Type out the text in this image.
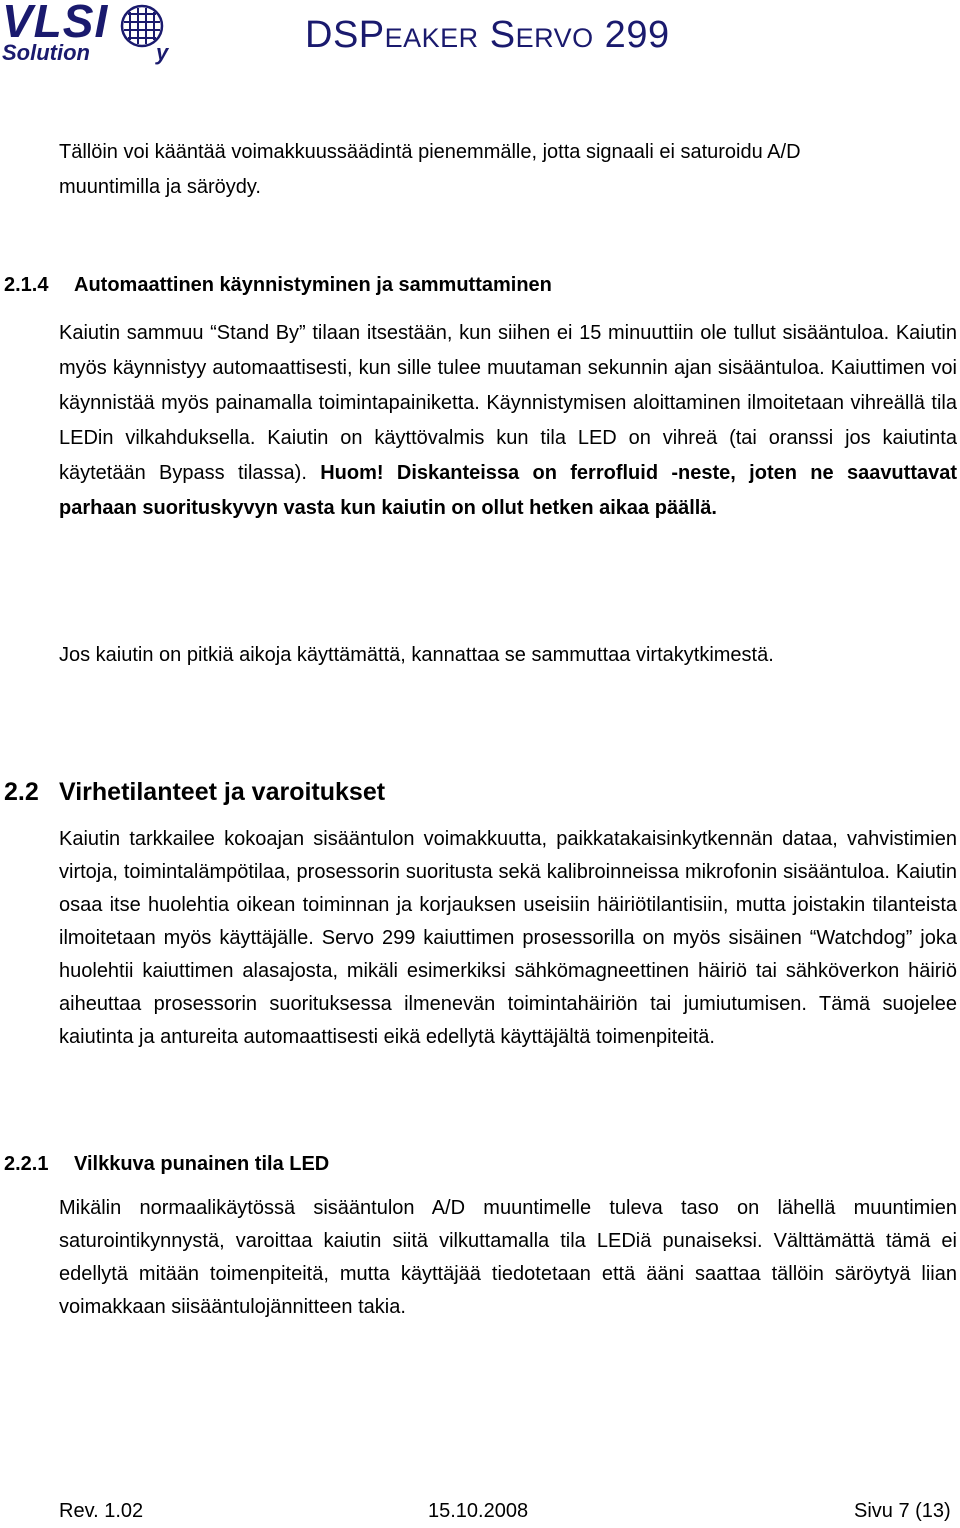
VLSI
Solution	y	DSPEAKER SERVO 299
Tällöin voi kääntää voimakkuussäädintä pienemmälle, jotta signaali ei saturoidu A/D
muuntimilla ja säröydy.
2.1.4 Automaattinen käynnistyminen ja sammuttaminen
Kaiutin sammuu “Stand By” tilaan itsestään, kun siihen ei 15 minuuttiin ole tullut sisääntuloa. Kaiutin myös käynnistyy automaattisesti, kun sille tulee muutaman sekunnin ajan sisääntuloa. Kaiuttimen voi käynnistää myös painamalla toimintapainiketta. Käynnistymisen aloittaminen ilmoitetaan vihreällä tila LEDin vilkahduksella. Kaiutin on käyttövalmis kun tila LED on vihreä (tai oranssi jos kaiutinta käytetään Bypass tilassa). Huom! Diskanteissa on ferrofluid -neste, joten ne saavuttavat parhaan suorituskyvyn vasta kun kaiutin on ollut hetken aikaa päällä.
Jos kaiutin on pitkiä aikoja käyttämättä, kannattaa se sammuttaa virtakytkimestä.
2.2 Virhetilanteet ja varoitukset
Kaiutin tarkkailee kokoajan sisääntulon voimakkuutta, paikkatakaisinkytkennän dataa, vahvistimien virtoja, toimintalämpötilaa, prosessorin suoritusta sekä kalibroinneissa mikrofonin sisääntuloa. Kaiutin osaa itse huolehtia oikean toiminnan ja korjauksen useisiin häiriötilantisiin, mutta joistakin tilanteista ilmoitetaan myös käyttäjälle. Servo 299 kaiuttimen prosessorilla on myös sisäinen “Watchdog” joka huolehtii kaiuttimen alasajosta, mikäli esimerkiksi sähkömagneettinen häiriö tai sähköverkon häiriö aiheuttaa prosessorin suorituksessa ilmenevän toimintahäiriön tai jumiutumisen. Tämä suojelee kaiutinta ja antureita automaattisesti eikä edellytä käyttäjältä toimenpiteitä.
2.2.1 Vilkkuva punainen tila LED
Mikälin normaalikäytössä sisääntulon A/D muuntimelle tuleva taso on lähellä muuntimien saturointikynnystä, varoittaa kaiutin siitä vilkuttamalla tila LEDiä punaiseksi. Välttämättä tämä ei edellytä mitään toimenpiteitä, mutta käyttäjää tiedotetaan että ääni saattaa tällöin säröytyä liian voimakkaan siisääntulojännitteen takia.
Rev. 1.02	15.10.2008	Sivu 7 (13)
